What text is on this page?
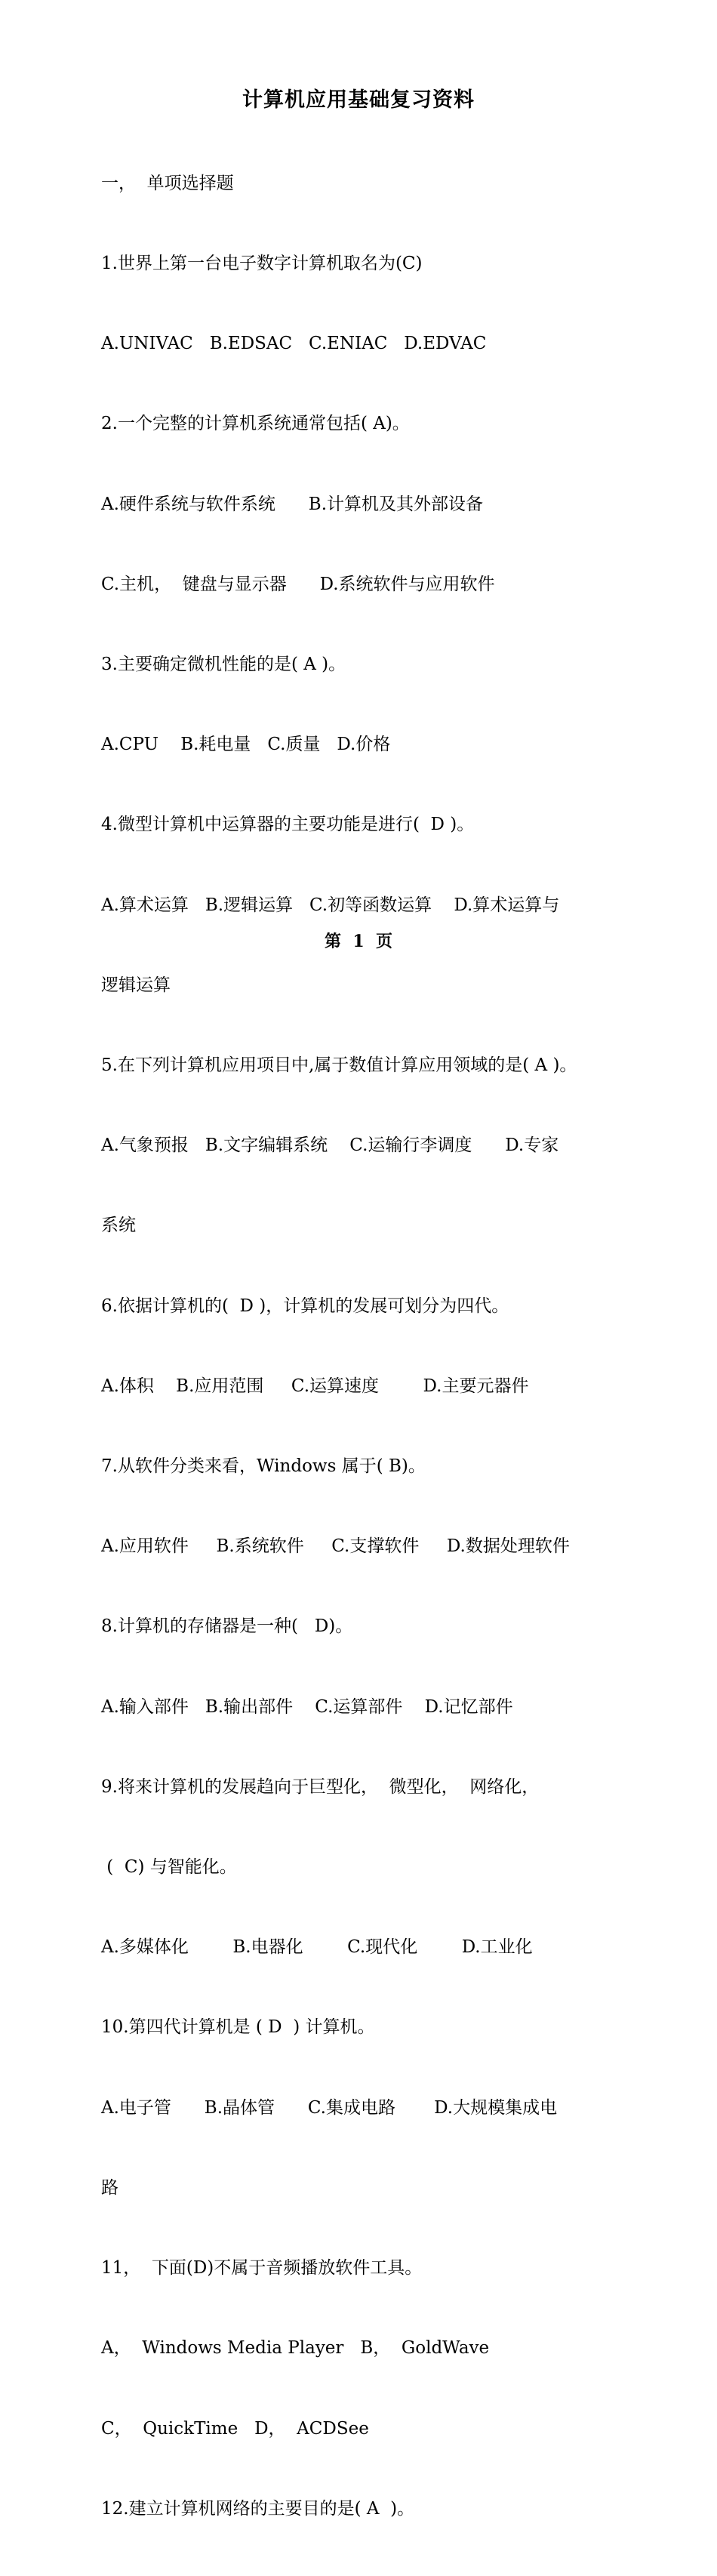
计算机应用基础复习资料

一，  单项选择题

1.世界上第一台电子数字计算机取名为(C)

A.UNIVAC   B.EDSAC   C.ENIAC   D.EDVAC

2.一个完整的计算机系统通常包括( A)。

A.硬件系统与软件系统      B.计算机及其外部设备

C.主机，  键盘与显示器      D.系统软件与应用软件

3.主要确定微机性能的是( A )。

A.CPU    B.耗电量   C.质量   D.价格

4.微型计算机中运算器的主要功能是进行(  D )。

A.算术运算   B.逻辑运算   C.初等函数运算    D.算术运算与

逻辑运算

5.在下列计算机应用项目中,属于数值计算应用领域的是( A )。

A.气象预报   B.文字编辑系统    C.运输行李调度      D.专家

系统

6.依据计算机的(  D )，计算机的发展可划分为四代。

A.体积    B.应用范围     C.运算速度        D.主要元器件

7.从软件分类来看，Windows 属于( B)。

A.应用软件     B.系统软件     C.支撑软件     D.数据处理软件

8.计算机的存储器是一种(   D)。

A.输入部件   B.输出部件    C.运算部件    D.记忆部件

9.将来计算机的发展趋向于巨型化，  微型化，  网络化，

(  C) 与智能化。

A.多媒体化        B.电器化        C.现代化        D.工业化

10.第四代计算机是 ( D  ) 计算机。

A.电子管      B.晶体管      C.集成电路       D.大规模集成电

路

11，  下面(D)不属于音频播放软件工具。

A，  Windows Media Player   B，  GoldWave

C，  QuickTime   D，  ACDSee

12.建立计算机网络的主要目的是( A  )。

第  1  页
